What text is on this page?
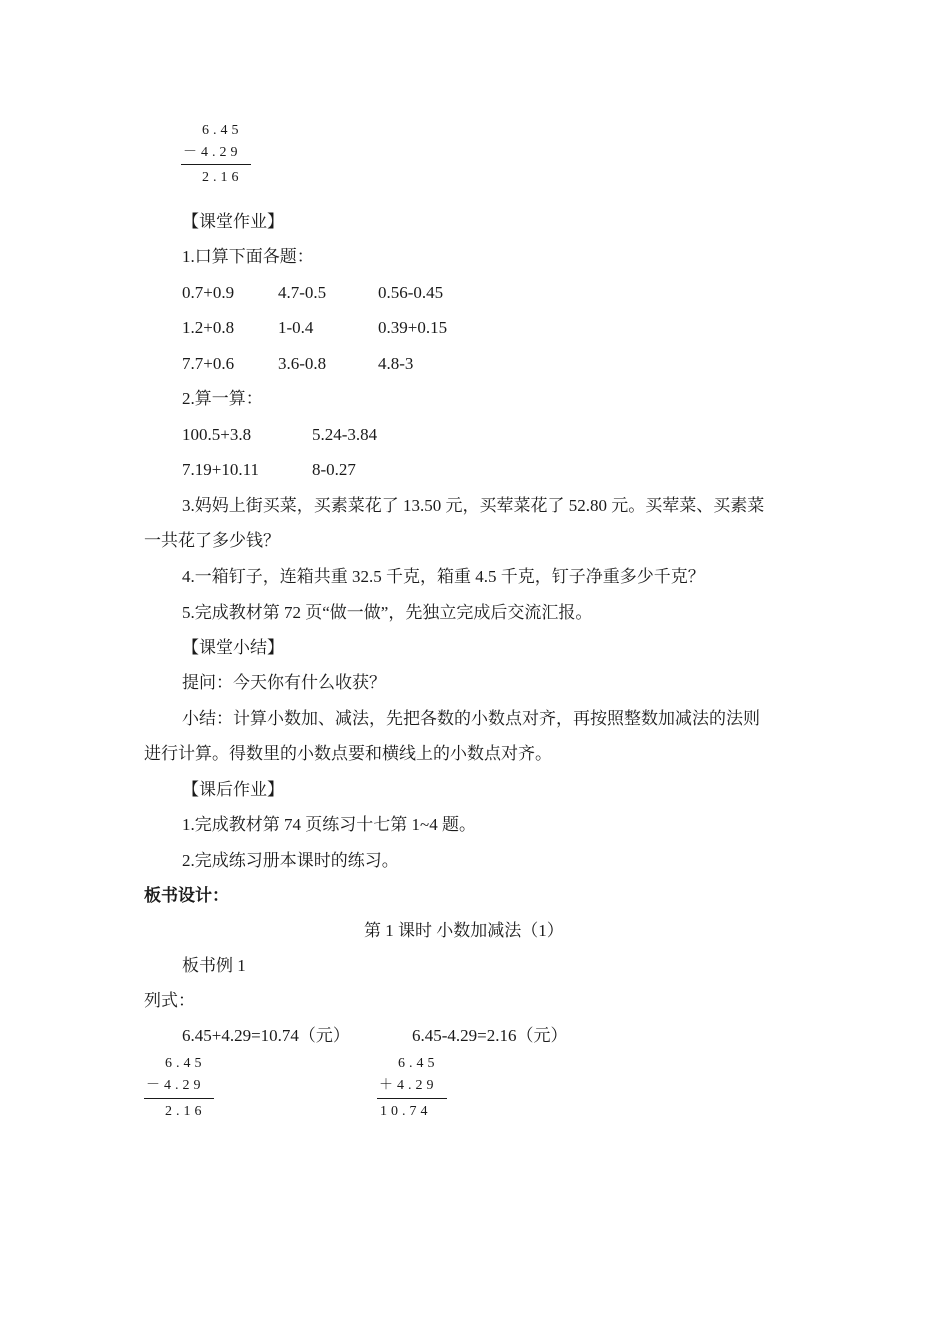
6.45
－4.29
2.16
【课堂作业】
1.口算下面各题：
0.7+0.9	4.7-0.5	0.56-0.45
1.2+0.8	1-0.4	0.39+0.15
7.7+0.6	3.6-0.8	4.8-3
2.算一算：
100.5+3.8	5.24-3.84
7.19+10.11	8-0.27
3.妈妈上街买菜，买素菜花了 13.50 元，买荤菜花了 52.80 元。买荤菜、买素菜
一共花了多少钱？
4.一箱钉子，连箱共重 32.5 千克，箱重 4.5 千克，钉子净重多少千克？
5.完成教材第 72 页“做一做”，先独立完成后交流汇报。
【课堂小结】
提问：今天你有什么收获？
小结：计算小数加、减法，先把各数的小数点对齐，再按照整数加减法的法则
进行计算。得数里的小数点要和横线上的小数点对齐。
【课后作业】
1.完成教材第 74 页练习十七第 1~4 题。
2.完成练习册本课时的练习。
板书设计：
第 1 课时 小数加减法（1）
板书例 1
列式：
6.45+4.29=10.74（元）	6.45-4.29=2.16（元）
6.45
－4.29
2.16
6.45
＋4.29
10.74
